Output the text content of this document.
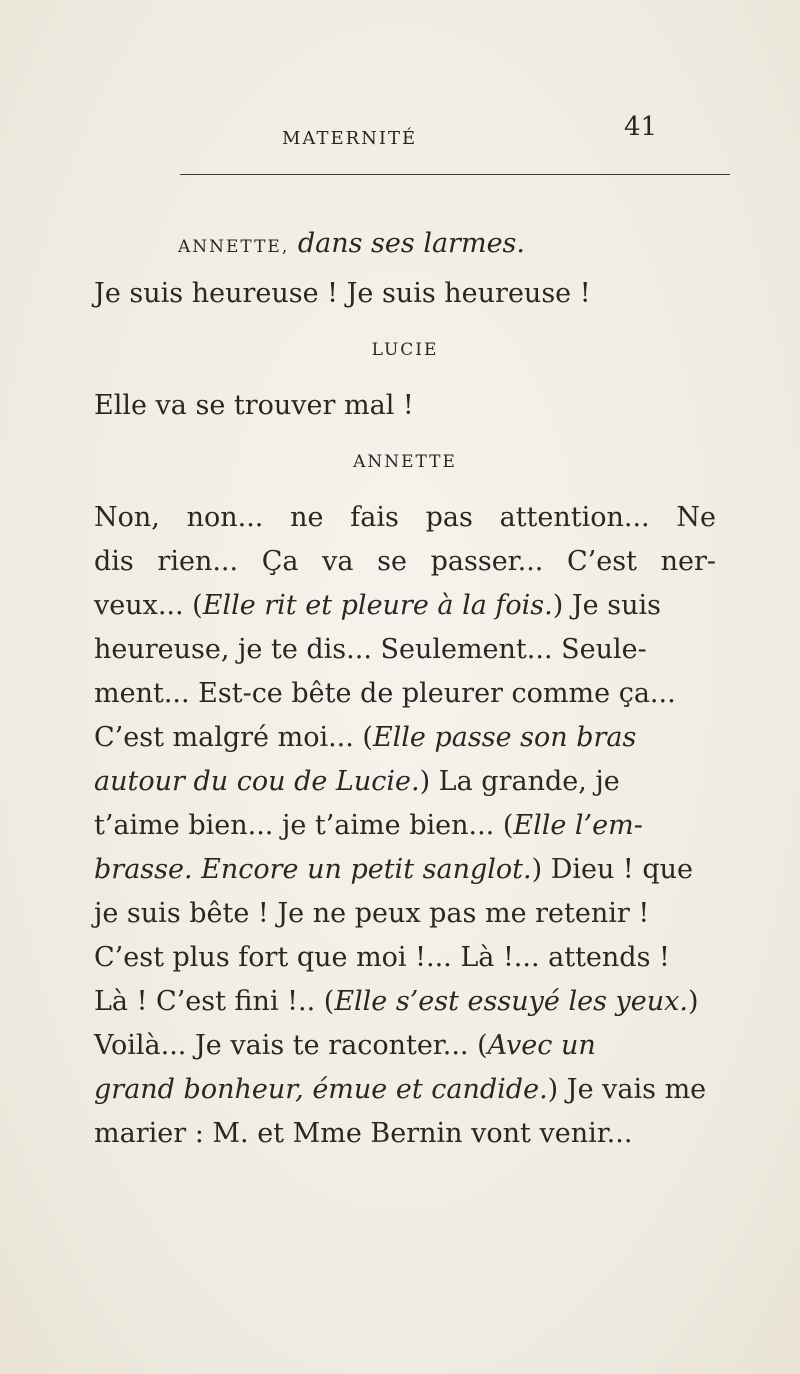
MATERNITÉ	41
ANNETTE, dans ses larmes.
Je suis heureuse ! Je suis heureuse !
LUCIE
Elle va se trouver mal !
ANNETTE
Non, non... ne fais pas attention... Ne
dis rien... Ça va se passer... C’est ner-
veux... (Elle rit et pleure à la fois.) Je suis
heureuse, je te dis... Seulement... Seule-
ment... Est-ce bête de pleurer comme ça...
C’est malgré moi... (Elle passe son bras
autour du cou de Lucie.) La grande, je
t’aime bien... je t’aime bien... (Elle l’em-
brasse. Encore un petit sanglot.) Dieu ! que
je suis bête ! Je ne peux pas me retenir !
C’est plus fort que moi !... Là !... attends !
Là ! C’est fini !.. (Elle s’est essuyé les yeux.)
Voilà... Je vais te raconter... (Avec un
grand bonheur, émue et candide.) Je vais me
marier : M. et Mme Bernin vont venir...
